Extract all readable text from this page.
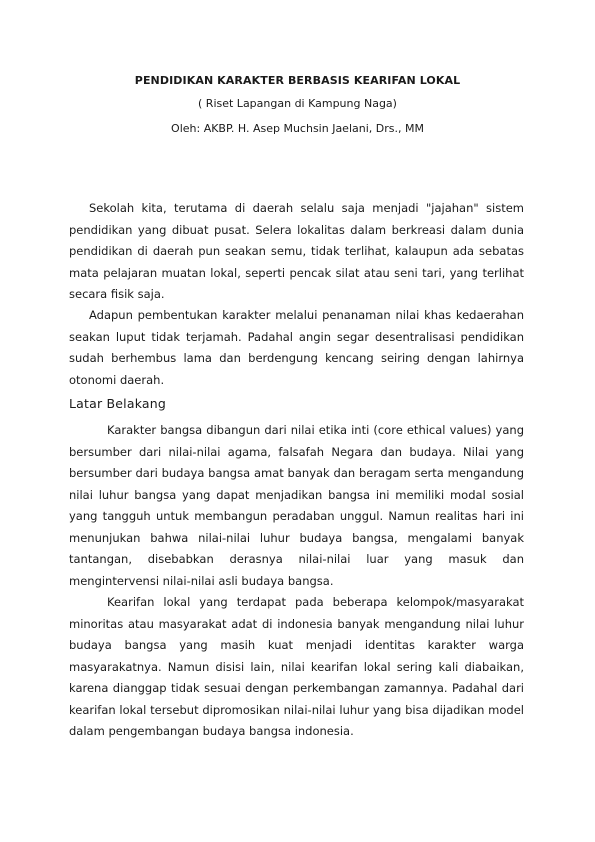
PENDIDIKAN KARAKTER BERBASIS KEARIFAN LOKAL
( Riset Lapangan di Kampung Naga)
Oleh: AKBP. H. Asep Muchsin Jaelani, Drs., MM

Sekolah kita, terutama di daerah selalu saja menjadi "jajahan" sistem pendidikan yang dibuat pusat. Selera lokalitas dalam berkreasi dalam dunia pendidikan di daerah pun seakan semu, tidak terlihat, kalaupun ada sebatas mata pelajaran muatan lokal, seperti pencak silat atau seni tari, yang terlihat secara fisik saja.

Adapun pembentukan karakter melalui penanaman nilai khas kedaerahan seakan luput tidak terjamah. Padahal angin segar desentralisasi pendidikan sudah berhembus lama dan berdengung kencang seiring dengan lahirnya otonomi daerah.

Latar Belakang

Karakter bangsa dibangun dari nilai etika inti (core ethical values) yang bersumber dari nilai-nilai agama, falsafah Negara dan budaya. Nilai yang bersumber dari budaya bangsa amat banyak dan beragam serta mengandung nilai luhur bangsa yang dapat menjadikan bangsa ini memiliki modal sosial yang tangguh untuk membangun peradaban unggul. Namun realitas hari ini menunjukan bahwa nilai-nilai luhur budaya bangsa, mengalami banyak tantangan, disebabkan derasnya nilai-nilai luar yang masuk dan mengintervensi nilai-nilai asli budaya bangsa.

Kearifan lokal yang terdapat pada beberapa kelompok/masyarakat minoritas atau masyarakat adat di indonesia banyak mengandung nilai luhur budaya bangsa yang masih kuat menjadi identitas karakter warga masyarakatnya. Namun disisi lain, nilai kearifan lokal sering kali diabaikan, karena dianggap tidak sesuai dengan perkembangan zamannya. Padahal dari kearifan lokal tersebut dipromosikan nilai-nilai luhur yang bisa dijadikan model dalam pengembangan budaya bangsa indonesia.
